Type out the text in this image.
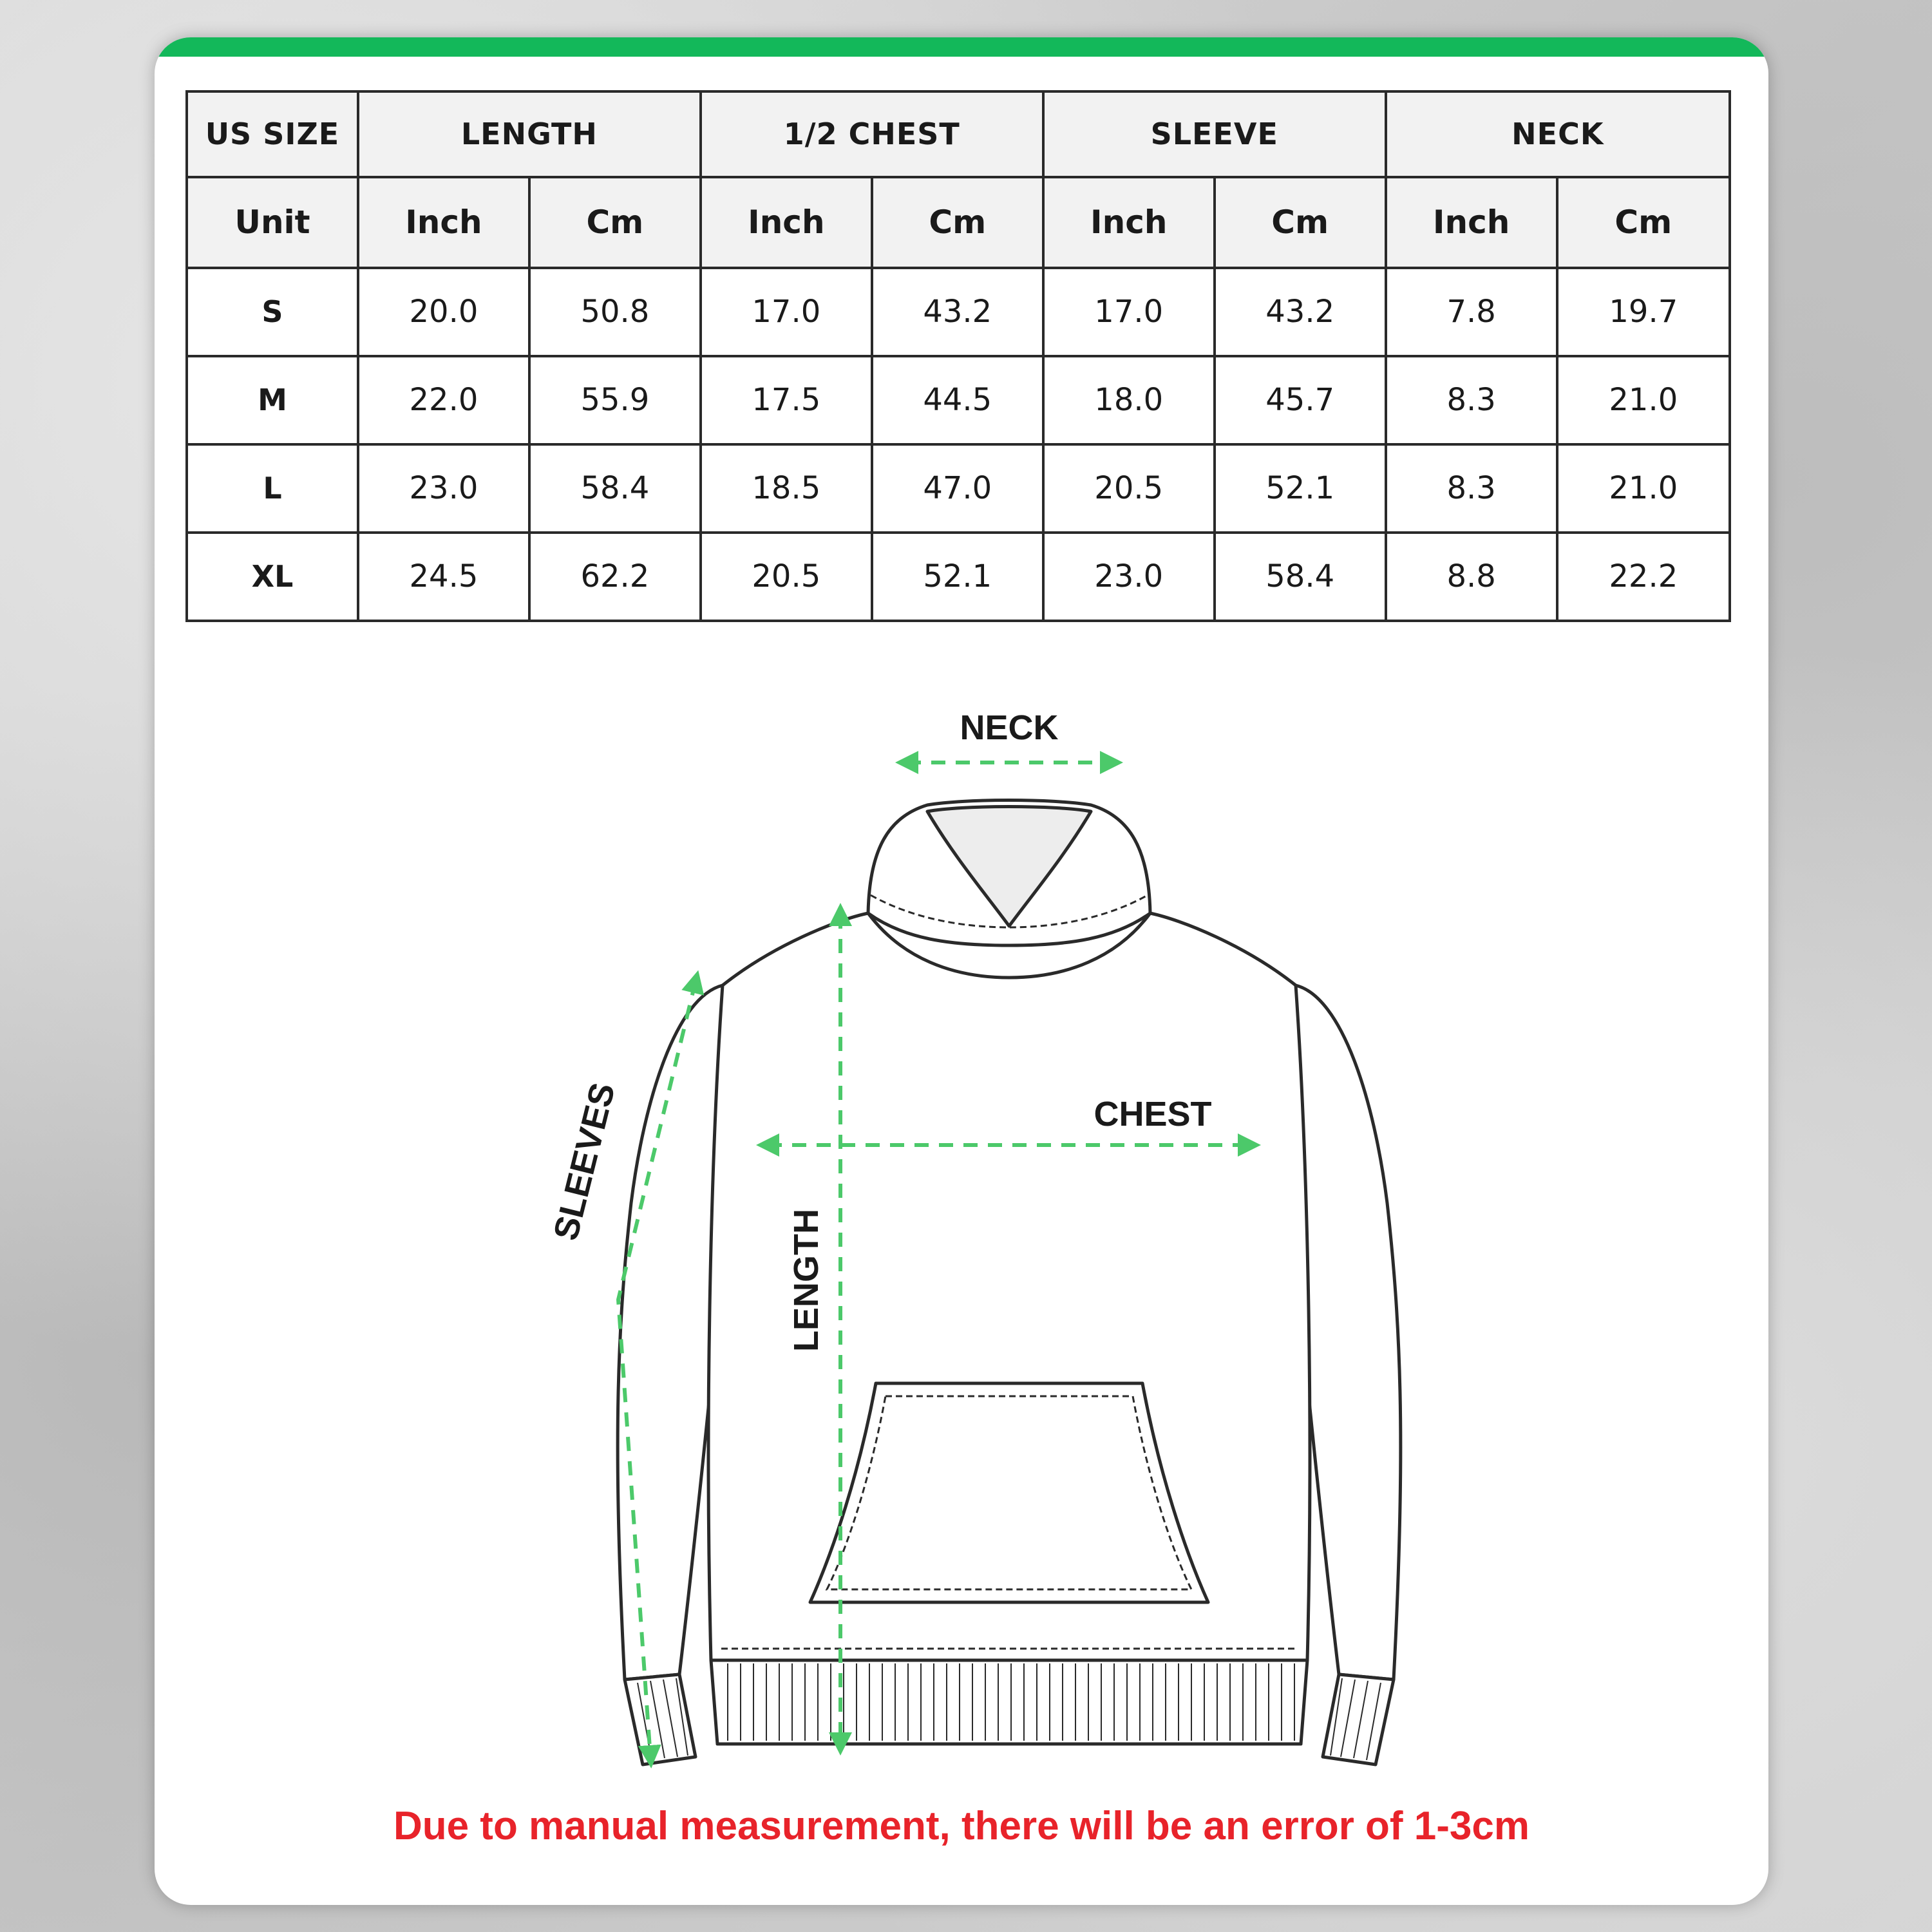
US SIZE	LENGTH		1/2 CHEST		SLEEVE		NECK	
Unit	Inch	Cm	Inch	Cm	Inch	Cm	Inch	Cm
S	20.0	50.8	17.0	43.2	17.0	43.2	7.8	19.7
M	22.0	55.9	17.5	44.5	18.0	45.7	8.3	21.0
L	23.0	58.4	18.5	47.0	20.5	52.1	8.3	21.0
XL	24.5	62.2	20.5	52.1	23.0	58.4	8.8	22.2
NECK
CHEST
LENGTH
SLEEVES
Due to manual measurement, there will be an error of 1-3cm
